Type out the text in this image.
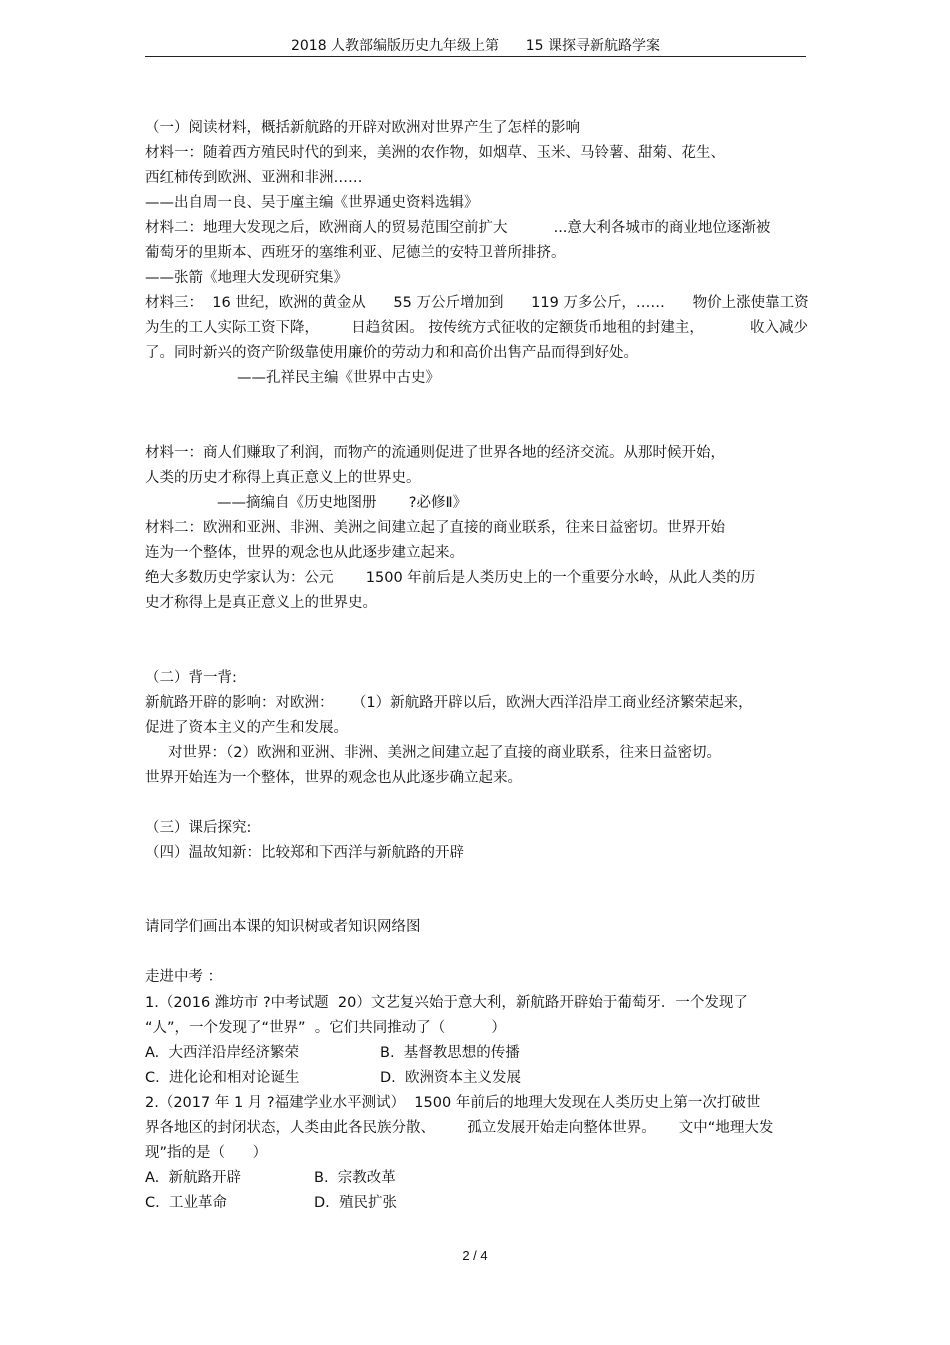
2018 人教部编版历史九年级上第      15 课探寻新航路学案
（一）阅读材料，概括新航路的开辟对欧洲对世界产生了怎样的影响
材料一：随着西方殖民时代的到来，美洲的农作物，如烟草、玉米、马铃薯、甜菊、花生、
西红柿传到欧洲、亚洲和非洲……
——出自周一良、吴于廑主编《世界通史资料选辑》
材料二：地理大发现之后，欧洲商人的贸易范围空前扩大          ...意大利各城市的商业地位逐渐被
葡萄牙的里斯本、西班牙的塞维利亚、尼德兰的安特卫普所排挤。
——张箭《地理大发现研究集》
材料三：  16 世纪，欧洲的黄金从      55 万公斤增加到      119 万多公斤，……      物价上涨使靠工资
为生的工人实际工资下降，       日趋贫困。 按传统方式征收的定额货币地租的封建主，          收入减少
了。同时新兴的资产阶级靠使用廉价的劳动力和和高价出售产品而得到好处。
——孔祥民主编《世界中古史》
材料一：商人们赚取了利润，而物产的流通则促进了世界各地的经济交流。从那时候开始，
人类的历史才称得上真正意义上的世界史。
——摘编自《历史地图册       ?必修Ⅱ》
材料二：欧洲和亚洲、非洲、美洲之间建立起了直接的商业联系，往来日益密切。世界开始
连为一个整体，世界的观念也从此逐步建立起来。
绝大多数历史学家认为：公元       1500 年前后是人类历史上的一个重要分水岭，从此人类的历
史才称得上是真正意义上的世界史。
（二）背一背:
新航路开辟的影响：对欧洲：    （1）新航路开辟以后，欧洲大西洋沿岸工商业经济繁荣起来，
促进了资本主义的产生和发展。
对世界：（2）欧洲和亚洲、非洲、美洲之间建立起了直接的商业联系，往来日益密切。
世界开始连为一个整体，世界的观念也从此逐步确立起来。
（三）课后探究:
（四）温故知新：比较郑和下西洋与新航路的开辟
请同学们画出本课的知识树或者知识网络图
走进中考 ：
1.（2016 潍坊市 ?中考试题  20）文艺复兴始于意大利，新航路开辟始于葡萄牙．一个发现了
“人”，一个发现了“世界”  。它们共同推动了（          ）
A.  大西洋沿岸经济繁荣	B.  基督教思想的传播
C.  进化论和相对论诞生	D.  欧洲资本主义发展
2.（2017 年 1 月 ?福建学业水平测试）  1500 年前后的地理大发现在人类历史上第一次打破世
界各地区的封闭状态，人类由此各民族分散、       孤立发展开始走向整体世界。     文中“地理大发
现”指的是（      ）
A.  新航路开辟	B.  宗教改革
C.  工业革命	D.  殖民扩张
2 / 4
